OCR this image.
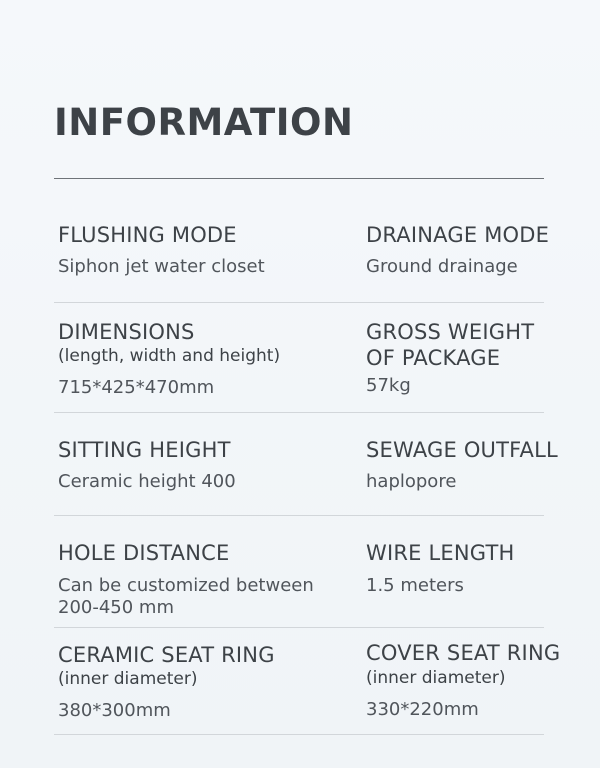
INFORMATION
FLUSHING MODE
Siphon jet water closet
DRAINAGE MODE
Ground drainage
DIMENSIONS
(length, width and height)
715*425*470mm
GROSS WEIGHT
OF PACKAGE
57kg
SITTING HEIGHT
Ceramic height 400
SEWAGE OUTFALL
haplopore
HOLE DISTANCE
Can be customized between
200-450 mm
WIRE LENGTH
1.5 meters
CERAMIC SEAT RING
(inner diameter)
380*300mm
COVER SEAT RING
(inner diameter)
330*220mm
